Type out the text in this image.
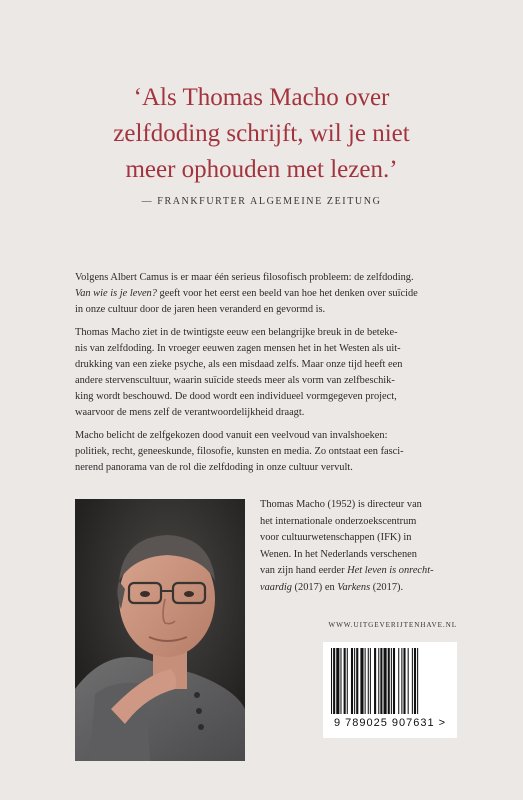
‘Als Thomas Macho over
zelfdoding schrijft, wil je niet
meer ophouden met lezen.’
— FRANKFURTER ALGEMEINE ZEITUNG

Volgens Albert Camus is er maar één serieus filosofisch probleem: de zelfdoding.
Van wie is je leven? geeft voor het eerst een beeld van hoe het denken over suïcide
in onze cultuur door de jaren heen veranderd en gevormd is.

Thomas Macho ziet in de twintigste eeuw een belangrijke breuk in de beteke-
nis van zelfdoding. In vroeger eeuwen zagen mensen het in het Westen als uit-
drukking van een zieke psyche, als een misdaad zelfs. Maar onze tijd heeft een
andere stervenscultuur, waarin suïcide steeds meer als vorm van zelfbeschik-
king wordt beschouwd. De dood wordt een individueel vormgegeven project,
waarvoor de mens zelf de verantwoordelijkheid draagt.

Macho belicht de zelfgekozen dood vanuit een veelvoud van invalshoeken:
politiek, recht, geneeskunde, filosofie, kunsten en media. Zo ontstaat een fasci-
nerend panorama van de rol die zelfdoding in onze cultuur vervult.

Thomas Macho (1952) is directeur van
het internationale onderzoekscentrum
voor cultuurwetenschappen (IFK) in
Wenen. In het Nederlands verschenen
van zijn hand eerder Het leven is onrecht-
vaardig (2017) en Varkens (2017).
WWW.UITGEVERIJTENHAVE.NL
9 789025 907631 >
